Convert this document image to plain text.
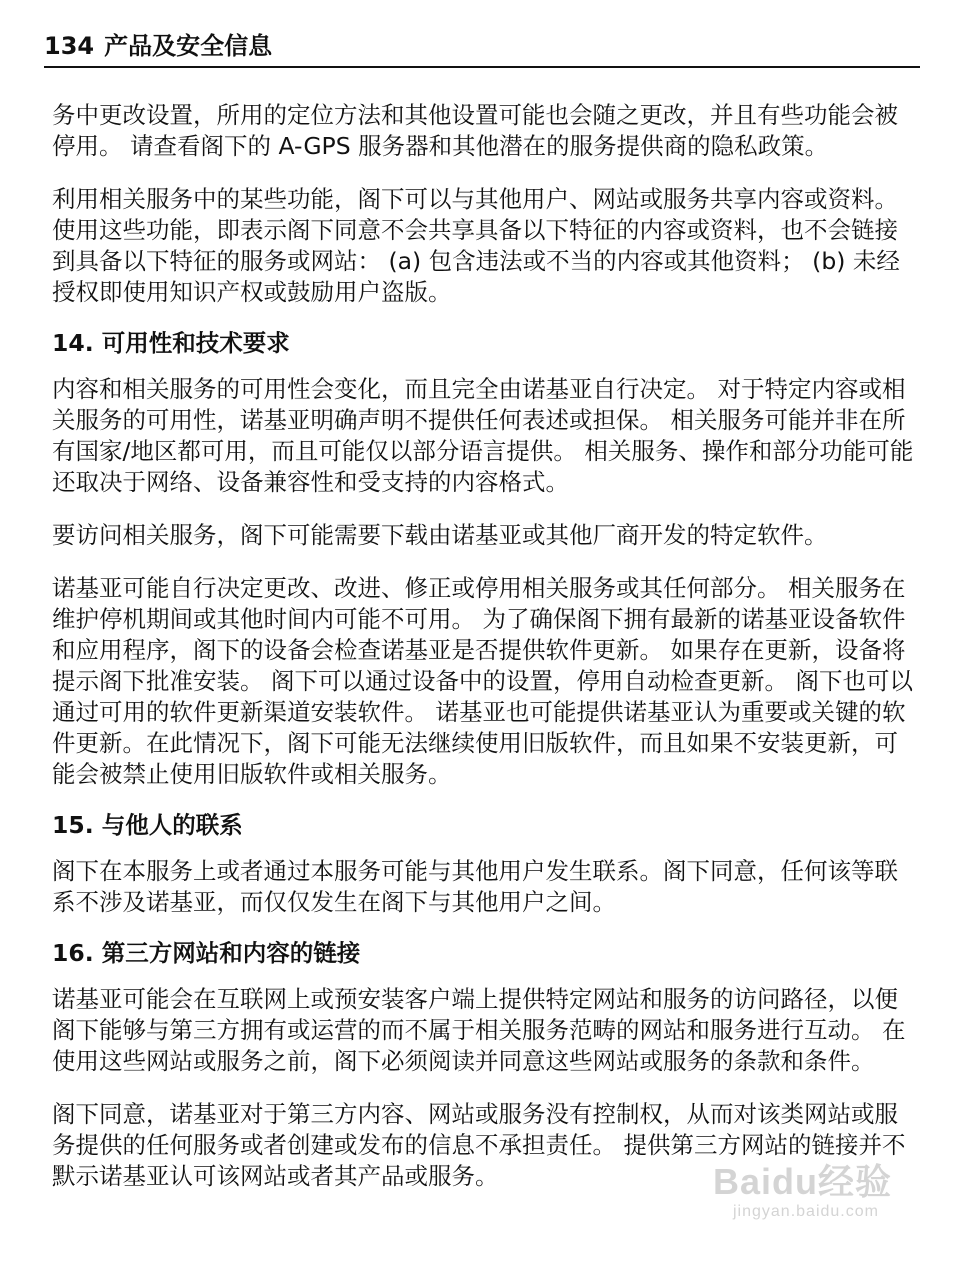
134 产品及安全信息

务中更改设置，所用的定位方法和其他设置可能也会随之更改，并且有些功能会被停用。 请查看阁下的 A-GPS 服务器和其他潜在的服务提供商的隐私政策。

利用相关服务中的某些功能，阁下可以与其他用户、网站或服务共享内容或资料。 使用这些功能，即表示阁下同意不会共享具备以下特征的内容或资料，也不会链接到具备以下特征的服务或网站： (a) 包含违法或不当的内容或其他资料； (b) 未经授权即使用知识产权或鼓励用户盗版。

14. 可用性和技术要求

内容和相关服务的可用性会变化，而且完全由诺基亚自行决定。 对于特定内容或相关服务的可用性，诺基亚明确声明不提供任何表述或担保。 相关服务可能并非在所有国家/地区都可用，而且可能仅以部分语言提供。 相关服务、操作和部分功能可能还取决于网络、设备兼容性和受支持的内容格式。

要访问相关服务，阁下可能需要下载由诺基亚或其他厂商开发的特定软件。

诺基亚可能自行决定更改、改进、修正或停用相关服务或其任何部分。 相关服务在维护停机期间或其他时间内可能不可用。 为了确保阁下拥有最新的诺基亚设备软件和应用程序，阁下的设备会检查诺基亚是否提供软件更新。 如果存在更新，设备将提示阁下批准安装。 阁下可以通过设备中的设置，停用自动检查更新。 阁下也可以通过可用的软件更新渠道安装软件。 诺基亚也可能提供诺基亚认为重要或关键的软件更新。在此情况下，阁下可能无法继续使用旧版软件，而且如果不安装更新，可能会被禁止使用旧版软件或相关服务。

15. 与他人的联系

阁下在本服务上或者通过本服务可能与其他用户发生联系。阁下同意，任何该等联系不涉及诺基亚，而仅仅发生在阁下与其他用户之间。

16. 第三方网站和内容的链接

诺基亚可能会在互联网上或预安装客户端上提供特定网站和服务的访问路径，以便阁下能够与第三方拥有或运营的而不属于相关服务范畴的网站和服务进行互动。 在使用这些网站或服务之前，阁下必须阅读并同意这些网站或服务的条款和条件。

阁下同意，诺基亚对于第三方内容、网站或服务没有控制权，从而对该类网站或服务提供的任何服务或者创建或发布的信息不承担责任。 提供第三方网站的链接并不默示诺基亚认可该网站或者其产品或服务。	Baidu经验
jingyan.baidu.com
